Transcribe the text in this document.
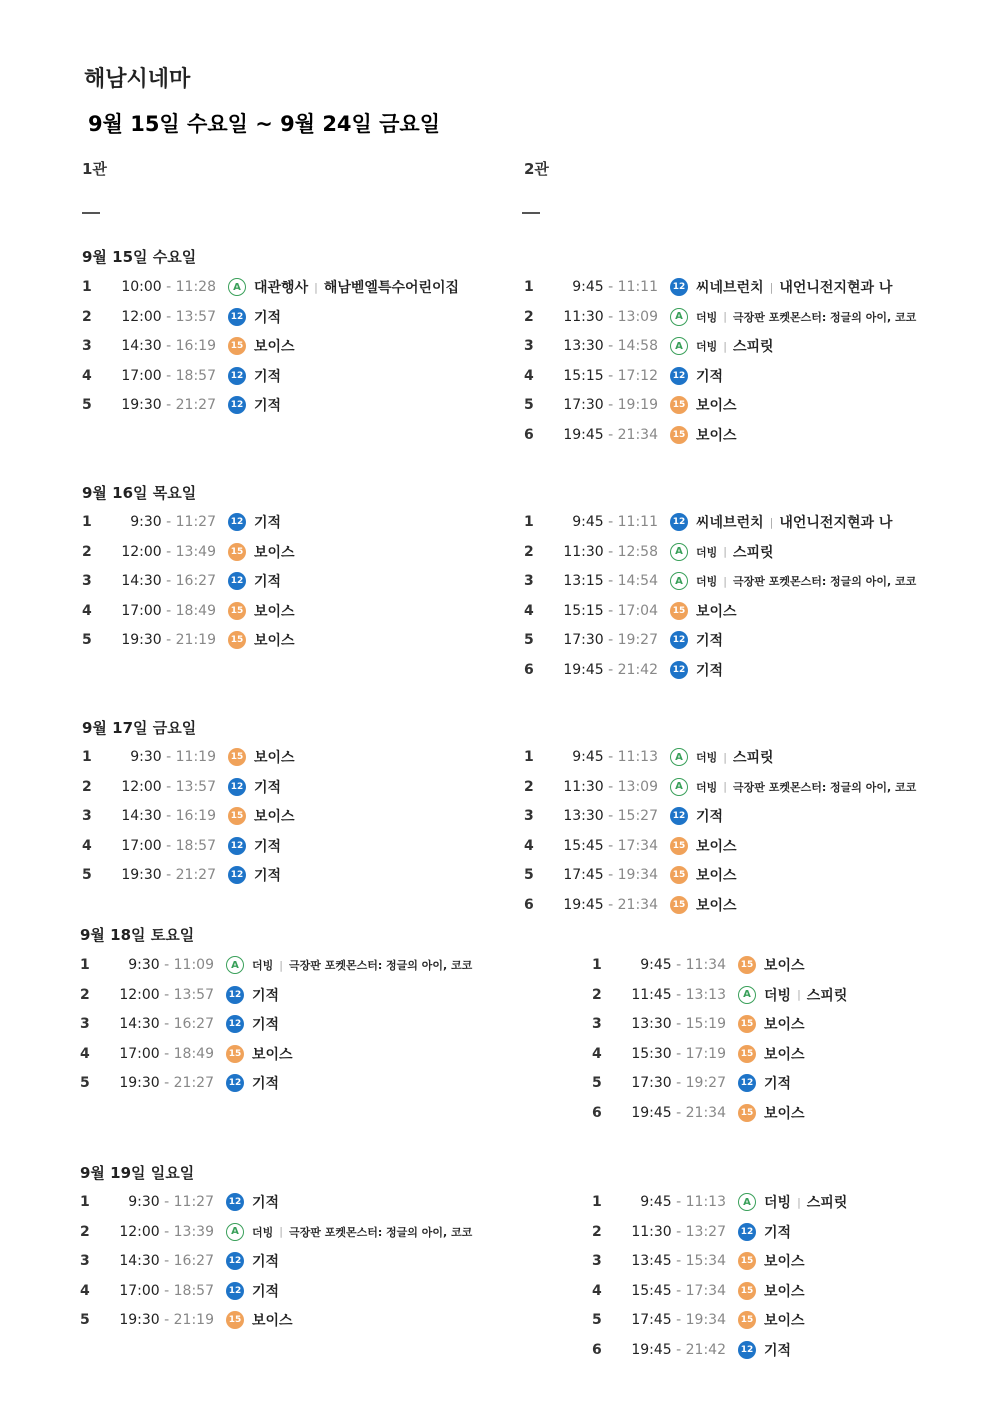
해남시네마
9월 15일 수요일 ~ 9월 24일 금요일
1관	2관
9월 15일 수요일
1	10:00 - 11:28	A 대관행사 | 해남벧엘특수어린이집
2	12:00 - 13:57	12 기적
3	14:30 - 16:19	15 보이스
4	17:00 - 18:57	12 기적
5	19:30 - 21:27	12 기적
1	9:45 - 11:11	12 씨네브런치 | 내언니전지현과 나
2	11:30 - 13:09	A	더빙 | 극장판 포켓몬스터: 정글의 아이, 코코
3	13:30 - 14:58	A	더빙 | 스피릿
4	15:15 - 17:12	12 기적
5	17:30 - 19:19	15 보이스
6	19:45 - 21:34	15 보이스
9월 16일 목요일
1	9:30 - 11:27	12 기적
2	12:00 - 13:49	15 보이스
3	14:30 - 16:27	12 기적
4	17:00 - 18:49	15 보이스
5	19:30 - 21:19	15 보이스
1	9:45 - 11:11	12 씨네브런치 | 내언니전지현과 나
2	11:30 - 12:58	A	더빙 | 스피릿
3	13:15 - 14:54	A	더빙 | 극장판 포켓몬스터: 정글의 아이, 코코
4	15:15 - 17:04	15 보이스
5	17:30 - 19:27	12 기적
6	19:45 - 21:42	12 기적
9월 17일 금요일
1	9:30 - 11:19	15 보이스
2	12:00 - 13:57	12 기적
3	14:30 - 16:19	15 보이스
4	17:00 - 18:57	12 기적
5	19:30 - 21:27	12 기적
1	9:45 - 11:13	A	더빙 | 스피릿
2	11:30 - 13:09	A	더빙 | 극장판 포켓몬스터: 정글의 아이, 코코
3	13:30 - 15:27	12 기적
4	15:45 - 17:34	15 보이스
5	17:45 - 19:34	15 보이스
6	19:45 - 21:34	15 보이스
9월 18일 토요일
1	9:30 - 11:09	A	더빙 | 극장판 포켓몬스터: 정글의 아이, 코코
2	12:00 - 13:57	12 기적
3	14:30 - 16:27	12 기적
4	17:00 - 18:49	15 보이스
5	19:30 - 21:27	12 기적
1	9:45 - 11:34	15 보이스
2	11:45 - 13:13	A 더빙 | 스피릿
3	13:30 - 15:19	15 보이스
4	15:30 - 17:19	15 보이스
5	17:30 - 19:27	12 기적
6	19:45 - 21:34	15 보이스
9월 19일 일요일
1	9:30 - 11:27	12 기적
2	12:00 - 13:39	A	더빙 | 극장판 포켓몬스터: 정글의 아이, 코코
3	14:30 - 16:27	12 기적
4	17:00 - 18:57	12 기적
5	19:30 - 21:19	15 보이스
1	9:45 - 11:13	A 더빙 | 스피릿
2	11:30 - 13:27	12 기적
3	13:45 - 15:34	15 보이스
4	15:45 - 17:34	15 보이스
5	17:45 - 19:34	15 보이스
6	19:45 - 21:42	12 기적
